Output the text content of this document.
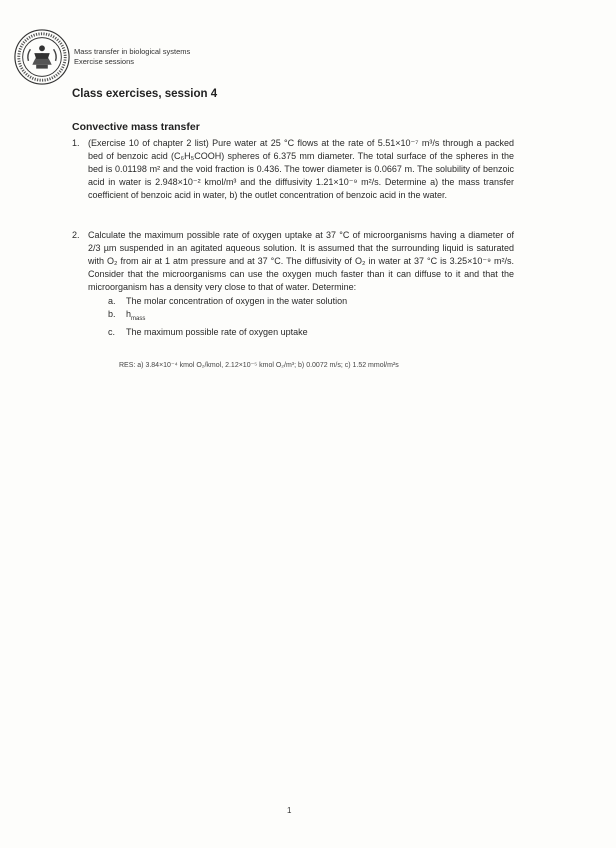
Mass transfer in biological systems
Exercise sessions
Class exercises, session 4
Convective mass transfer
1. (Exercise 10 of chapter 2 list) Pure water at 25 °C flows at the rate of 5.51×10⁻⁷ m³/s through a packed bed of benzoic acid (C₆H₅COOH) spheres of 6.375 mm diameter. The total surface of the spheres in the bed is 0.01198 m² and the void fraction is 0.436. The tower diameter is 0.0667 m. The solubility of benzoic acid in water is 2.948×10⁻² kmol/m³ and the diffusivity 1.21×10⁻⁹ m²/s. Determine a) the mass transfer coefficient of benzoic acid in water, b) the outlet concentration of benzoic acid in the water.
2. Calculate the maximum possible rate of oxygen uptake at 37 °C of microorganisms having a diameter of 2/3 µm suspended in an agitated aqueous solution. It is assumed that the surrounding liquid is saturated with O₂ from air at 1 atm pressure and at 37 °C. The diffusivity of O₂ in water at 37 °C is 3.25×10⁻⁹ m²/s. Consider that the microorganisms can use the oxygen much faster than it can diffuse to it and that the microorganism has a density very close to that of water. Determine:
a.	The molar concentration of oxygen in the water solution
b.	$h_{mass}$
c.	The maximum possible rate of oxygen uptake
RES: a) 3.84×10⁻⁴ kmol O₂/kmol, 2.12×10⁻⁵ kmol O₂/m³; b) 0.0072 m/s; c) 1.52 mmol/m²s
1
